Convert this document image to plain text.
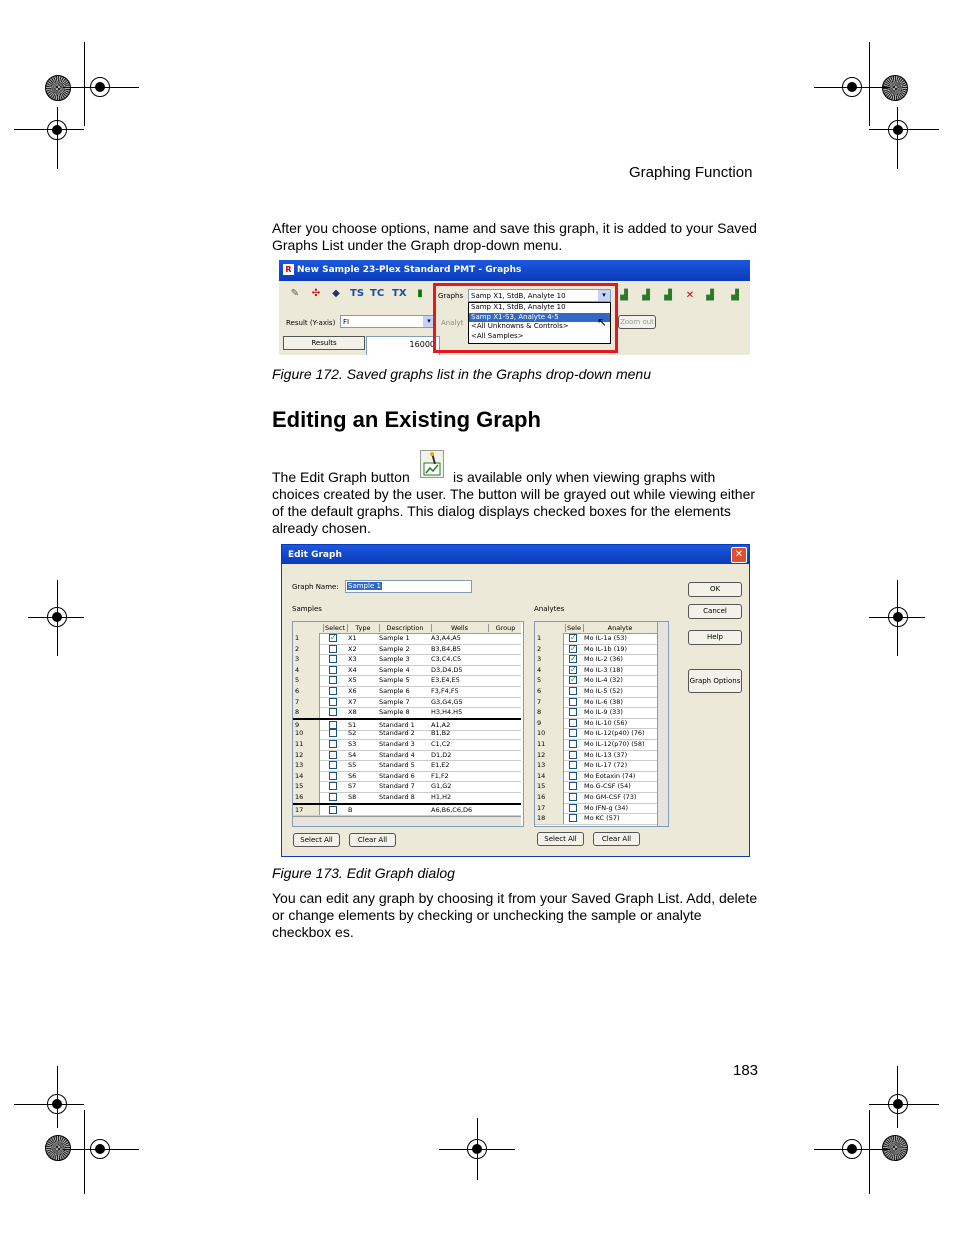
Graphing Function
After you choose options, name and save this graph, it is added to your Saved Graphs List under the Graph drop-down menu.
R New Sample 23-Plex Standard PMT - Graphs
✎ ✣	◆	TS TC TX	▮	Graphs Samp X1, StdB, Analyte 10	▾
Samp X1, StdB, Analyte 10
Samp X1-S3, Analyte 4-5
<All Unknowns & Controls>
<All Samples>
↖
▟	▟	▟	✕	▟	▟
Result (Y-axis) FI	▾	Analyt	Zoom out
Results	16000
Figure 172. Saved graphs list in the Graphs drop-down menu
Editing an Existing Graph
The Edit Graph button	is available only when viewing graphs with
choices created by the user. The button will be grayed out while viewing either of the default graphs. This dialog displays checked boxes for the elements already chosen.
Edit Graph	✕
Graph Name: Sample 1
Samples	Analytes
Select	Type	Description	Wells	Group
1	✓ X1	Sample 1	A3,A4,A5
2	X2	Sample 2	B3,B4,B5
3	X3	Sample 3	C3,C4,C5
4	X4	Sample 4	D3,D4,D5
5	X5	Sample 5	E3,E4,E5
6	X6	Sample 6	F3,F4,F5
7	X7	Sample 7	G3,G4,G5
8	X8	Sample 8	H3,H4,H5
9	S1	Standard 1 A1,A2
10	S2	Standard 2 B1,B2
11	S3	Standard 3 C1,C2
12	S4	Standard 4 D1,D2
13	S5	Standard 5 E1,E2
14	S6	Standard 6 F1,F2
15	S7	Standard 7 G1,G2
16	S8	Standard 8 H1,H2
17	B	A6,B6,C6,D6
Sele	Analyte
1	✓ Mo IL-1a (53)
2	✓ Mo IL-1b (19)
3	✓ Mo IL-2 (36)
4	✓ Mo IL-3 (18)
5	✓ Mo IL-4 (32)
6	Mo IL-5 (52)
7	Mo IL-6 (38)
8	Mo IL-9 (33)
9	Mo IL-10 (56)
10	Mo IL-12(p40) (76)
11	Mo IL-12(p70) (58)
12	Mo IL-13 (37)
13	Mo IL-17 (72)
14	Mo Eotaxin (74)
15	Mo G-CSF (54)
16	Mo GM-CSF (73)
17	Mo IFN-g (34)
18	Mo KC (57)
OK
Cancel
Help
Graph Options
Select All	Clear All	Select All	Clear All
Figure 173. Edit Graph dialog
You can edit any graph by choosing it from your Saved Graph List. Add, delete or change elements by checking or unchecking the sample or analyte checkbox es.
183
